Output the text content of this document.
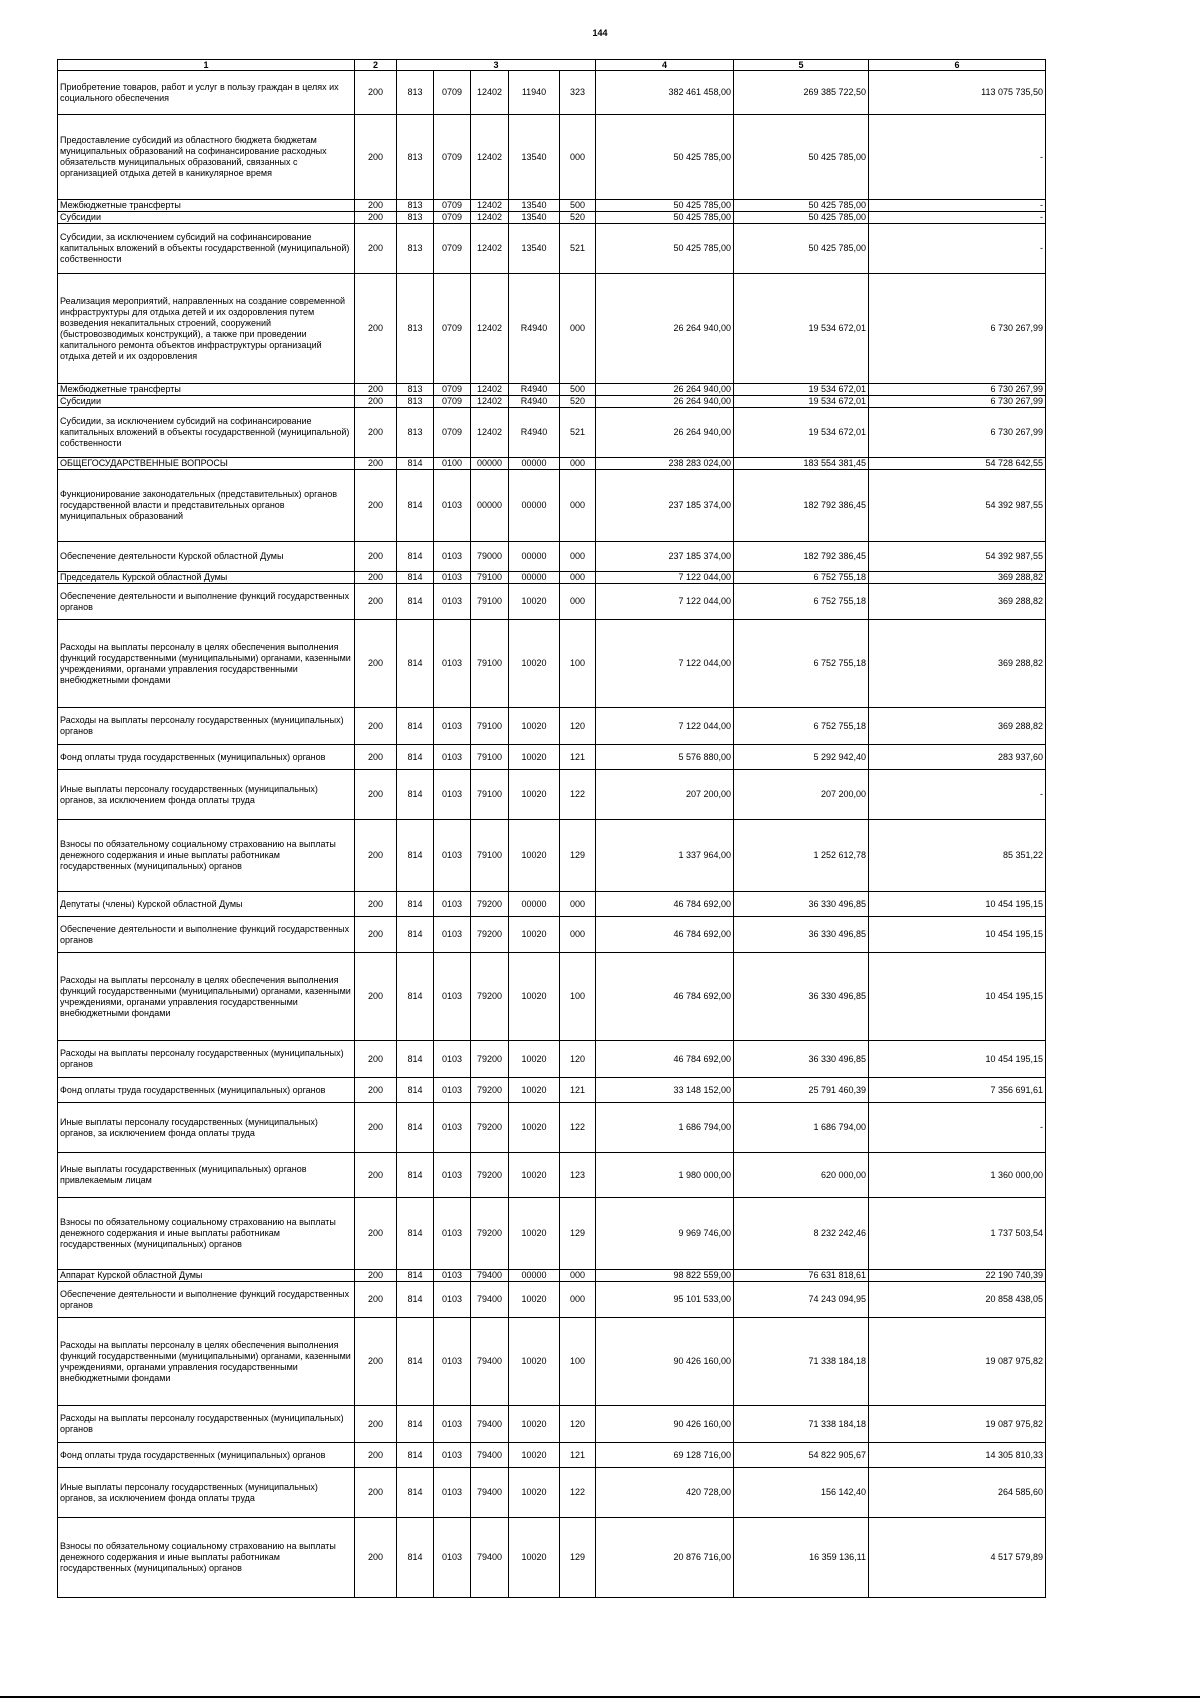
144
1	2	3					4	5	6
Приобретение товаров, работ и услуг в пользу граждан в целях их социального обеспечения	200	813	0709	12402	11940	323	382 461 458,00	269 385 722,50	113 075 735,50
Предоставление субсидий из областного бюджета бюджетам муниципальных образований на софинансирование расходных обязательств муниципальных образований, связанных с организацией отдыха детей в каникулярное время	200	813	0709	12402	13540	000	50 425 785,00	50 425 785,00	-
Межбюджетные трансферты	200	813	0709	12402	13540	500	50 425 785,00	50 425 785,00	-
Субсидии	200	813	0709	12402	13540	520	50 425 785,00	50 425 785,00	-
Субсидии, за исключением субсидий на софинансирование капитальных вложений в объекты государственной (муниципальной) собственности	200	813	0709	12402	13540	521	50 425 785,00	50 425 785,00	-
Реализация мероприятий, направленных на создание современной инфраструктуры для отдыха детей и их оздоровления путем возведения некапитальных строений, сооружений (быстровозводимых конструкций), а также при проведении капитального ремонта объектов инфраструктуры организаций отдыха детей и их оздоровления	200	813	0709	12402	R4940	000	26 264 940,00	19 534 672,01	6 730 267,99
Межбюджетные трансферты	200	813	0709	12402	R4940	500	26 264 940,00	19 534 672,01	6 730 267,99
Субсидии	200	813	0709	12402	R4940	520	26 264 940,00	19 534 672,01	6 730 267,99
Субсидии, за исключением субсидий на софинансирование капитальных вложений в объекты государственной (муниципальной) собственности	200	813	0709	12402	R4940	521	26 264 940,00	19 534 672,01	6 730 267,99
ОБЩЕГОСУДАРСТВЕННЫЕ ВОПРОСЫ	200	814	0100	00000	00000	000	238 283 024,00	183 554 381,45	54 728 642,55
Функционирование законодательных (представительных) органов государственной власти и представительных органов муниципальных образований	200	814	0103	00000	00000	000	237 185 374,00	182 792 386,45	54 392 987,55
Обеспечение деятельности Курской областной Думы	200	814	0103	79000	00000	000	237 185 374,00	182 792 386,45	54 392 987,55
Председатель Курской областной Думы	200	814	0103	79100	00000	000	7 122 044,00	6 752 755,18	369 288,82
Обеспечение деятельности и выполнение функций государственных органов	200	814	0103	79100	10020	000	7 122 044,00	6 752 755,18	369 288,82
Расходы на выплаты персоналу в целях обеспечения выполнения функций государственными (муниципальными) органами, казенными учреждениями, органами управления государственными внебюджетными фондами	200	814	0103	79100	10020	100	7 122 044,00	6 752 755,18	369 288,82
Расходы на выплаты персоналу государственных (муниципальных) органов	200	814	0103	79100	10020	120	7 122 044,00	6 752 755,18	369 288,82
Фонд оплаты труда государственных (муниципальных) органов	200	814	0103	79100	10020	121	5 576 880,00	5 292 942,40	283 937,60
Иные выплаты персоналу государственных (муниципальных) органов, за исключением фонда оплаты труда	200	814	0103	79100	10020	122	207 200,00	207 200,00	-
Взносы по обязательному социальному страхованию на выплаты денежного содержания и иные выплаты работникам государственных (муниципальных) органов	200	814	0103	79100	10020	129	1 337 964,00	1 252 612,78	85 351,22
Депутаты (члены) Курской областной Думы	200	814	0103	79200	00000	000	46 784 692,00	36 330 496,85	10 454 195,15
Обеспечение деятельности и выполнение функций государственных органов	200	814	0103	79200	10020	000	46 784 692,00	36 330 496,85	10 454 195,15
Расходы на выплаты персоналу в целях обеспечения выполнения функций государственными (муниципальными) органами, казенными учреждениями, органами управления государственными внебюджетными фондами	200	814	0103	79200	10020	100	46 784 692,00	36 330 496,85	10 454 195,15
Расходы на выплаты персоналу государственных (муниципальных) органов	200	814	0103	79200	10020	120	46 784 692,00	36 330 496,85	10 454 195,15
Фонд оплаты труда государственных (муниципальных) органов	200	814	0103	79200	10020	121	33 148 152,00	25 791 460,39	7 356 691,61
Иные выплаты персоналу государственных (муниципальных) органов, за исключением фонда оплаты труда	200	814	0103	79200	10020	122	1 686 794,00	1 686 794,00	-
Иные выплаты государственных (муниципальных) органов привлекаемым лицам	200	814	0103	79200	10020	123	1 980 000,00	620 000,00	1 360 000,00
Взносы по обязательному социальному страхованию на выплаты денежного содержания и иные выплаты работникам государственных (муниципальных) органов	200	814	0103	79200	10020	129	9 969 746,00	8 232 242,46	1 737 503,54
Аппарат Курской областной Думы	200	814	0103	79400	00000	000	98 822 559,00	76 631 818,61	22 190 740,39
Обеспечение деятельности и выполнение функций государственных органов	200	814	0103	79400	10020	000	95 101 533,00	74 243 094,95	20 858 438,05
Расходы на выплаты персоналу в целях обеспечения выполнения функций государственными (муниципальными) органами, казенными учреждениями, органами управления государственными внебюджетными фондами	200	814	0103	79400	10020	100	90 426 160,00	71 338 184,18	19 087 975,82
Расходы на выплаты персоналу государственных (муниципальных) органов	200	814	0103	79400	10020	120	90 426 160,00	71 338 184,18	19 087 975,82
Фонд оплаты труда государственных (муниципальных) органов	200	814	0103	79400	10020	121	69 128 716,00	54 822 905,67	14 305 810,33
Иные выплаты персоналу государственных (муниципальных) органов, за исключением фонда оплаты труда	200	814	0103	79400	10020	122	420 728,00	156 142,40	264 585,60
Взносы по обязательному социальному страхованию на выплаты денежного содержания и иные выплаты работникам государственных (муниципальных) органов	200	814	0103	79400	10020	129	20 876 716,00	16 359 136,11	4 517 579,89
